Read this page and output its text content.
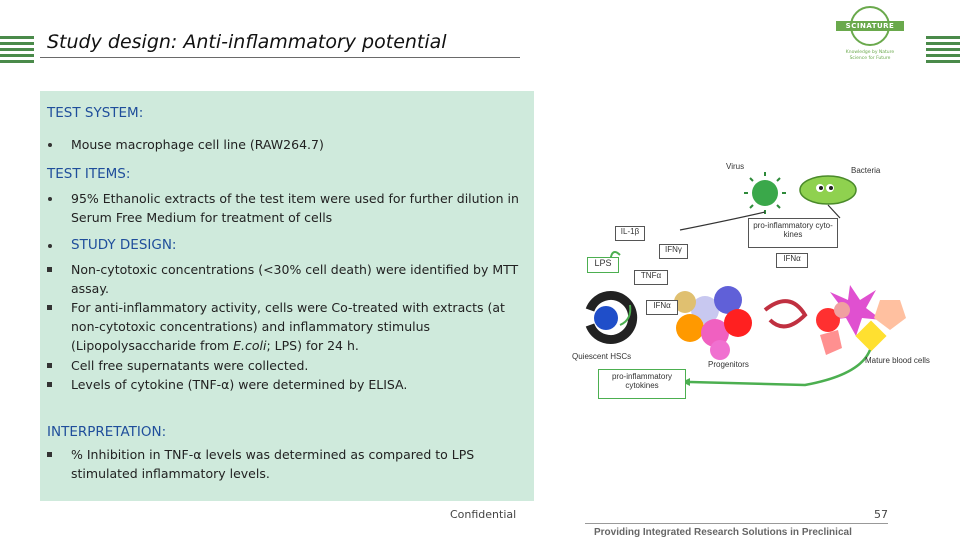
Study design: Anti-inflammatory potential
SCINATURE
Knowledge by Nature Science for Future
TEST SYSTEM:
Mouse macrophage cell line (RAW264.7)
TEST ITEMS:
95% Ethanolic extracts of the test item were used for further dilution in Serum Free Medium for treatment of cells
STUDY DESIGN:
Non-cytotoxic concentrations (<30% cell death) were identified by MTT assay.
For anti-inflammatory activity, cells were Co-treated with extracts (at non-cytotoxic concentrations) and inflammatory stimulus (Lipopolysaccharide from E.coli; LPS) for 24 h.
Cell free supernatants were collected.
Levels of cytokine (TNF-α) were determined by ELISA.
INTERPRETATION:
% Inhibition in TNF-α levels was determined as compared to LPS stimulated inflammatory levels.
Virus	Bacteria
pro-inflammatory cyto-kines
IL-1β
IFNγ
IFNα
LPS
TNFα
IFNα
Quiescent HSCs
Progenitors	Mature blood cells
pro-inflammatory cytokines
Confidential	57
Providing Integrated Research Solutions in Preclinical
